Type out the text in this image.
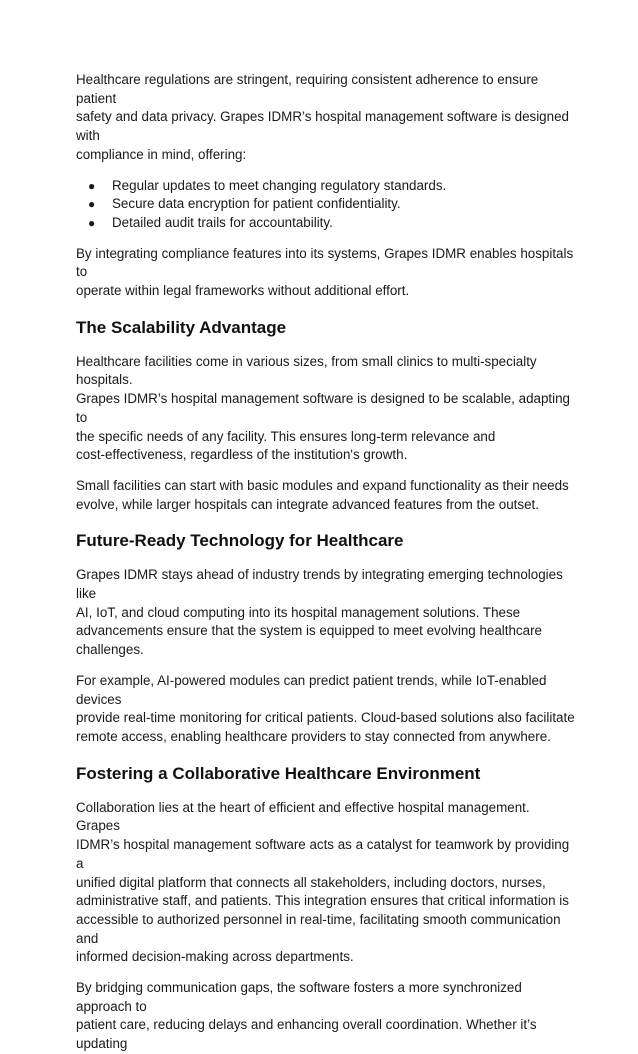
Healthcare regulations are stringent, requiring consistent adherence to ensure patient
safety and data privacy. Grapes IDMR’s hospital management software is designed with
compliance in mind, offering:

● Regular updates to meet changing regulatory standards.
● Secure data encryption for patient confidentiality.
● Detailed audit trails for accountability.

By integrating compliance features into its systems, Grapes IDMR enables hospitals to
operate within legal frameworks without additional effort.

The Scalability Advantage

Healthcare facilities come in various sizes, from small clinics to multi-specialty hospitals.
Grapes IDMR’s hospital management software is designed to be scalable, adapting to
the specific needs of any facility. This ensures long-term relevance and
cost-effectiveness, regardless of the institution's growth.

Small facilities can start with basic modules and expand functionality as their needs
evolve, while larger hospitals can integrate advanced features from the outset.

Future-Ready Technology for Healthcare

Grapes IDMR stays ahead of industry trends by integrating emerging technologies like
AI, IoT, and cloud computing into its hospital management solutions. These
advancements ensure that the system is equipped to meet evolving healthcare
challenges.

For example, AI-powered modules can predict patient trends, while IoT-enabled devices
provide real-time monitoring for critical patients. Cloud-based solutions also facilitate
remote access, enabling healthcare providers to stay connected from anywhere.

Fostering a Collaborative Healthcare Environment

Collaboration lies at the heart of efficient and effective hospital management. Grapes
IDMR’s hospital management software acts as a catalyst for teamwork by providing a
unified digital platform that connects all stakeholders, including doctors, nurses,
administrative staff, and patients. This integration ensures that critical information is
accessible to authorized personnel in real-time, facilitating smooth communication and
informed decision-making across departments.

By bridging communication gaps, the software fosters a more synchronized approach to
patient care, reducing delays and enhancing overall coordination. Whether it’s updating
